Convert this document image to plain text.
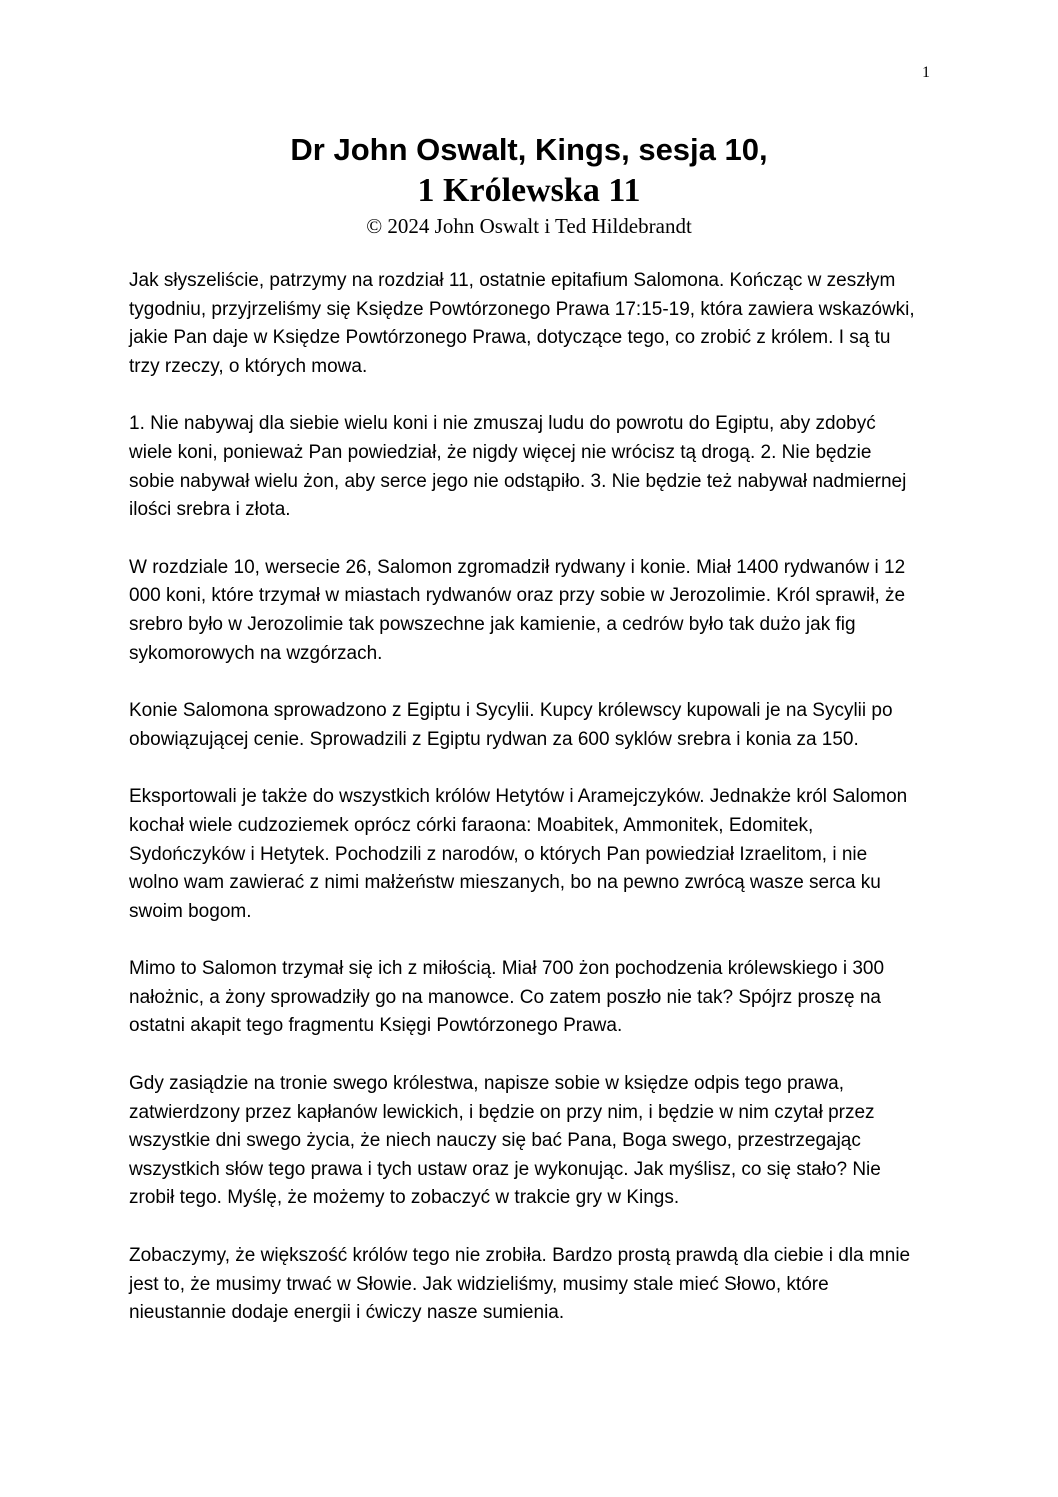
1
Dr John Oswalt, Kings, sesja 10,
1 Królewska 11
© 2024 John Oswalt i Ted Hildebrandt

Jak słyszeliście, patrzymy na rozdział 11, ostatnie epitafium Salomona. Kończąc w zeszłym tygodniu, przyjrzeliśmy się Księdze Powtórzonego Prawa 17:15-19, która zawiera wskazówki, jakie Pan daje w Księdze Powtórzonego Prawa, dotyczące tego, co zrobić z królem. I są tu trzy rzeczy, o których mowa.

1. Nie nabywaj dla siebie wielu koni i nie zmuszaj ludu do powrotu do Egiptu, aby zdobyć wiele koni, ponieważ Pan powiedział, że nigdy więcej nie wrócisz tą drogą. 2. Nie będzie sobie nabywał wielu żon, aby serce jego nie odstąpiło. 3. Nie będzie też nabywał nadmiernej ilości srebra i złota.

W rozdziale 10, wersecie 26, Salomon zgromadził rydwany i konie. Miał 1400 rydwanów i 12 000 koni, które trzymał w miastach rydwanów oraz przy sobie w Jerozolimie. Król sprawił, że srebro było w Jerozolimie tak powszechne jak kamienie, a cedrów było tak dużo jak fig sykomorowych na wzgórzach.

Konie Salomona sprowadzono z Egiptu i Sycylii. Kupcy królewscy kupowali je na Sycylii po obowiązującej cenie. Sprowadzili z Egiptu rydwan za 600 syklów srebra i konia za 150.

Eksportowali je także do wszystkich królów Hetytów i Aramejczyków. Jednakże król Salomon kochał wiele cudzoziemek oprócz córki faraona: Moabitek, Ammonitek, Edomitek, Sydończyków i Hetytek. Pochodzili z narodów, o których Pan powiedział Izraelitom, i nie wolno wam zawierać z nimi małżeństw mieszanych, bo na pewno zwrócą wasze serca ku swoim bogom.

Mimo to Salomon trzymał się ich z miłością. Miał 700 żon pochodzenia królewskiego i 300 nałożnic, a żony sprowadziły go na manowce. Co zatem poszło nie tak? Spójrz proszę na ostatni akapit tego fragmentu Księgi Powtórzonego Prawa.

Gdy zasiądzie na tronie swego królestwa, napisze sobie w księdze odpis tego prawa, zatwierdzony przez kapłanów lewickich, i będzie on przy nim, i będzie w nim czytał przez wszystkie dni swego życia, że niech nauczy się bać Pana, Boga swego, przestrzegając wszystkich słów tego prawa i tych ustaw oraz je wykonując. Jak myślisz, co się stało? Nie zrobił tego. Myślę, że możemy to zobaczyć w trakcie gry w Kings.

Zobaczymy, że większość królów tego nie zrobiła. Bardzo prostą prawdą dla ciebie i dla mnie jest to, że musimy trwać w Słowie. Jak widzieliśmy, musimy stale mieć Słowo, które nieustannie dodaje energii i ćwiczy nasze sumienia.
